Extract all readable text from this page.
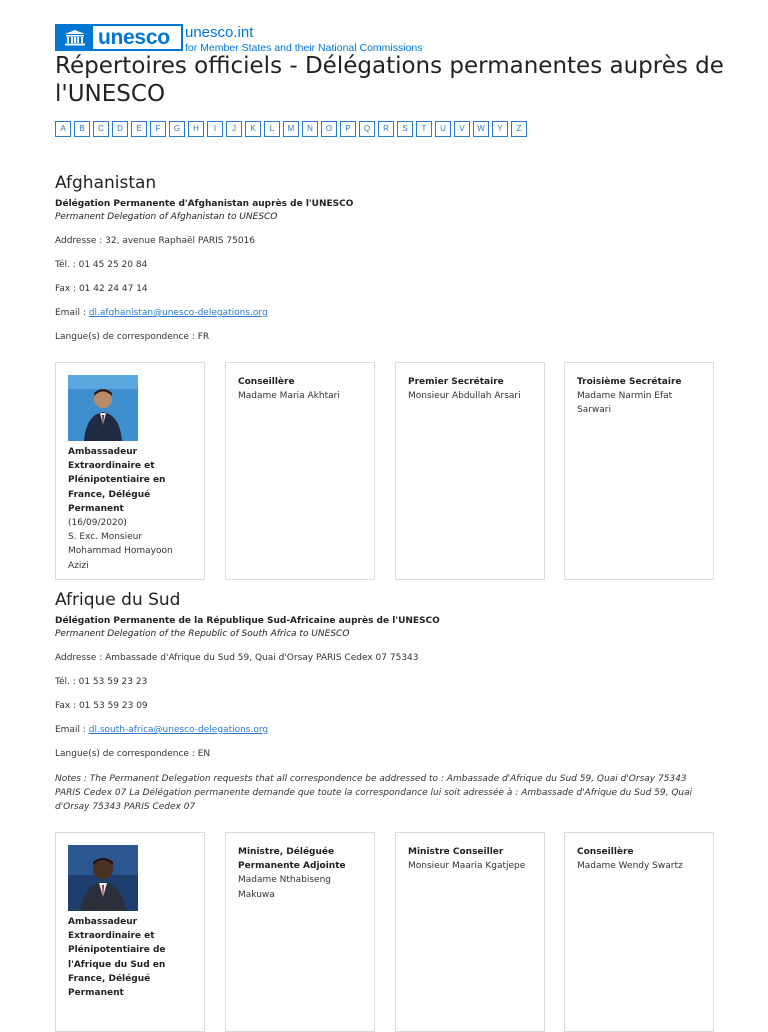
unesco unesco.int
for Member States and their National Commissions
Répertoires officiels - Délégations permanentes auprès de l'UNESCO
A	B	C	D	E	F	G	H	I	J	K	L	M	N	O	P	Q	R	S	T	U	V	W	Y	Z
Afghanistan
Délégation Permanente d'Afghanistan auprès de l'UNESCO
Permanent Delegation of Afghanistan to UNESCO
Addresse : 32, avenue Raphaël PARIS 75016
Tél. : 01 45 25 20 84
Fax : 01 42 24 47 14
Email : dl.afghanistan@unesco-delegations.org
Langue(s) de correspondence : FR
Ambassadeur Extraordinaire et Plénipotentiaire en France, Délégué Permanent
(16/09/2020)
S. Exc. Monsieur Mohammad Homayoon Azizi
Conseillère
Madame Maria Akhtari
Premier Secrétaire
Monsieur Abdullah Arsari
Troisième Secrétaire
Madame Narmin Efat Sarwari
Afrique du Sud
Délégation Permanente de la République Sud-Africaine auprès de l'UNESCO
Permanent Delegation of the Republic of South Africa to UNESCO
Addresse : Ambassade d'Afrique du Sud 59, Quai d'Orsay PARIS Cedex 07 75343
Tél. : 01 53 59 23 23
Fax : 01 53 59 23 09
Email : dl.south-africa@unesco-delegations.org
Langue(s) de correspondence : EN
Notes : The Permanent Delegation requests that all correspondence be addressed to : Ambassade d'Afrique du Sud 59, Quai d'Orsay 75343 PARIS Cedex 07 La Délégation permanente demande que toute la correspondance lui soit adressée à : Ambassade d'Afrique du Sud 59, Quai d'Orsay 75343 PARIS Cedex 07
Ambassadeur Extraordinaire et Plénipotentiaire de l'Afrique du Sud en France, Délégué Permanent
Ministre, Déléguée Permanente Adjointe
Madame Nthabiseng Makuwa
Ministre Conseiller
Monsieur Maaria Kgatjepe
Conseillère
Madame Wendy Swartz
